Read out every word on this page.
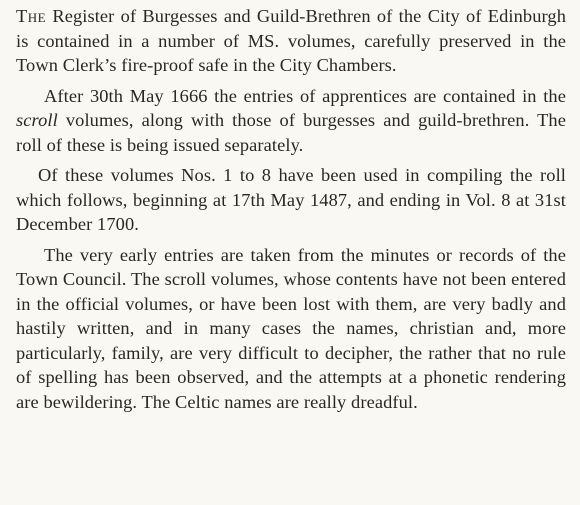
The Register of Burgesses and Guild-Brethren of the City of Edinburgh is contained in a number of MS. volumes, carefully preserved in the Town Clerk’s fire-proof safe in the City Chambers.

After 30th May 1666 the entries of apprentices are contained in the scroll volumes, along with those of burgesses and guild-brethren. The roll of these is being issued separately.

Of these volumes Nos. 1 to 8 have been used in compiling the roll which follows, beginning at 17th May 1487, and ending in Vol. 8 at 31st December 1700.

The very early entries are taken from the minutes or records of the Town Council. The scroll volumes, whose contents have not been entered in the official volumes, or have been lost with them, are very badly and hastily written, and in many cases the names, christian and, more particularly, family, are very difficult to decipher, the rather that no rule of spelling has been observed, and the attempts at a phonetic rendering are bewildering. The Celtic names are really dreadful.
